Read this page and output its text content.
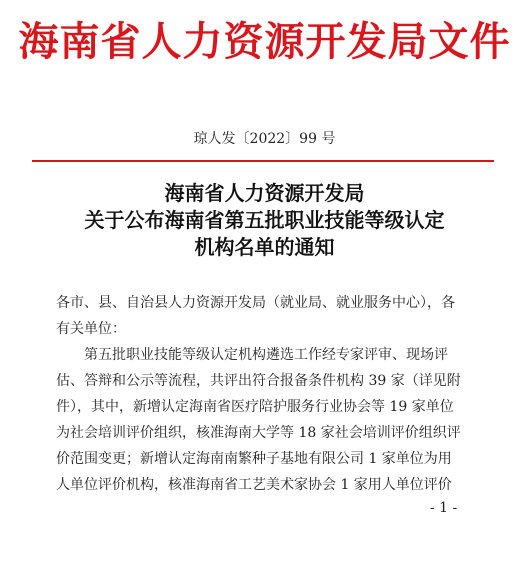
海南省人力资源开发局文件
琼人发〔2022〕99 号
海南省人力资源开发局
关于公布海南省第五批职业技能等级认定
机构名单的通知

各市、县、自治县人力资源开发局（就业局、就业服务中心），各

有关单位：

第五批职业技能等级认定机构遴选工作经专家评审、现场评

估、答辩和公示等流程，共评出符合报备条件机构 39 家（详见附

件），其中，新增认定海南省医疗陪护服务行业协会等 19 家单位

为社会培训评价组织，核准海南大学等 18 家社会培训评价组织评

价范围变更；新增认定海南南繁种子基地有限公司 1 家单位为用

人单位评价机构，核准海南省工艺美术家协会 1 家用人单位评价

- 1 -
